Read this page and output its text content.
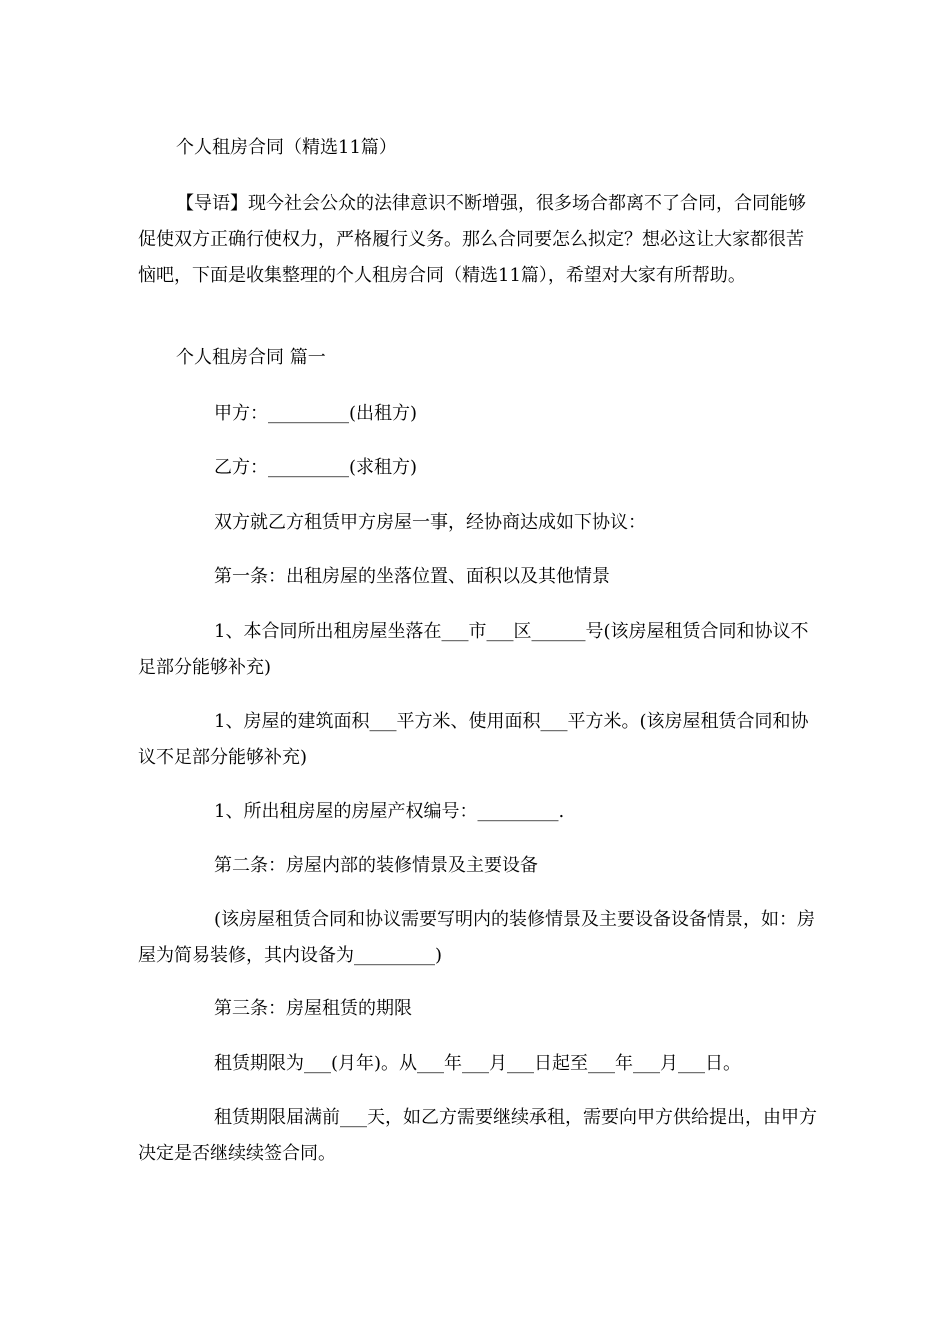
个人租房合同（精选11篇）
【导语】现今社会公众的法律意识不断增强，很多场合都离不了合同，合同能够促使双方正确行使权力，严格履行义务。那么合同要怎么拟定？想必这让大家都很苦恼吧，下面是收集整理的个人租房合同（精选11篇），希望对大家有所帮助。
个人租房合同 篇一
甲方：_________(出租方)
乙方：_________(求租方)
双方就乙方租赁甲方房屋一事，经协商达成如下协议：
第一条：出租房屋的坐落位置、面积以及其他情景
1、本合同所出租房屋坐落在___市___区______号(该房屋租赁合同和协议不足部分能够补充)
1、房屋的建筑面积___平方米、使用面积___平方米。(该房屋租赁合同和协议不足部分能够补充)
1、所出租房屋的房屋产权编号：_________.
第二条：房屋内部的装修情景及主要设备
(该房屋租赁合同和协议需要写明内的装修情景及主要设备设备情景，如：房屋为简易装修，其内设备为_________)
第三条：房屋租赁的期限
租赁期限为___(月年)。从___年___月___日起至___年___月___日。
租赁期限届满前___天，如乙方需要继续承租，需要向甲方供给提出，由甲方决定是否继续续签合同。
